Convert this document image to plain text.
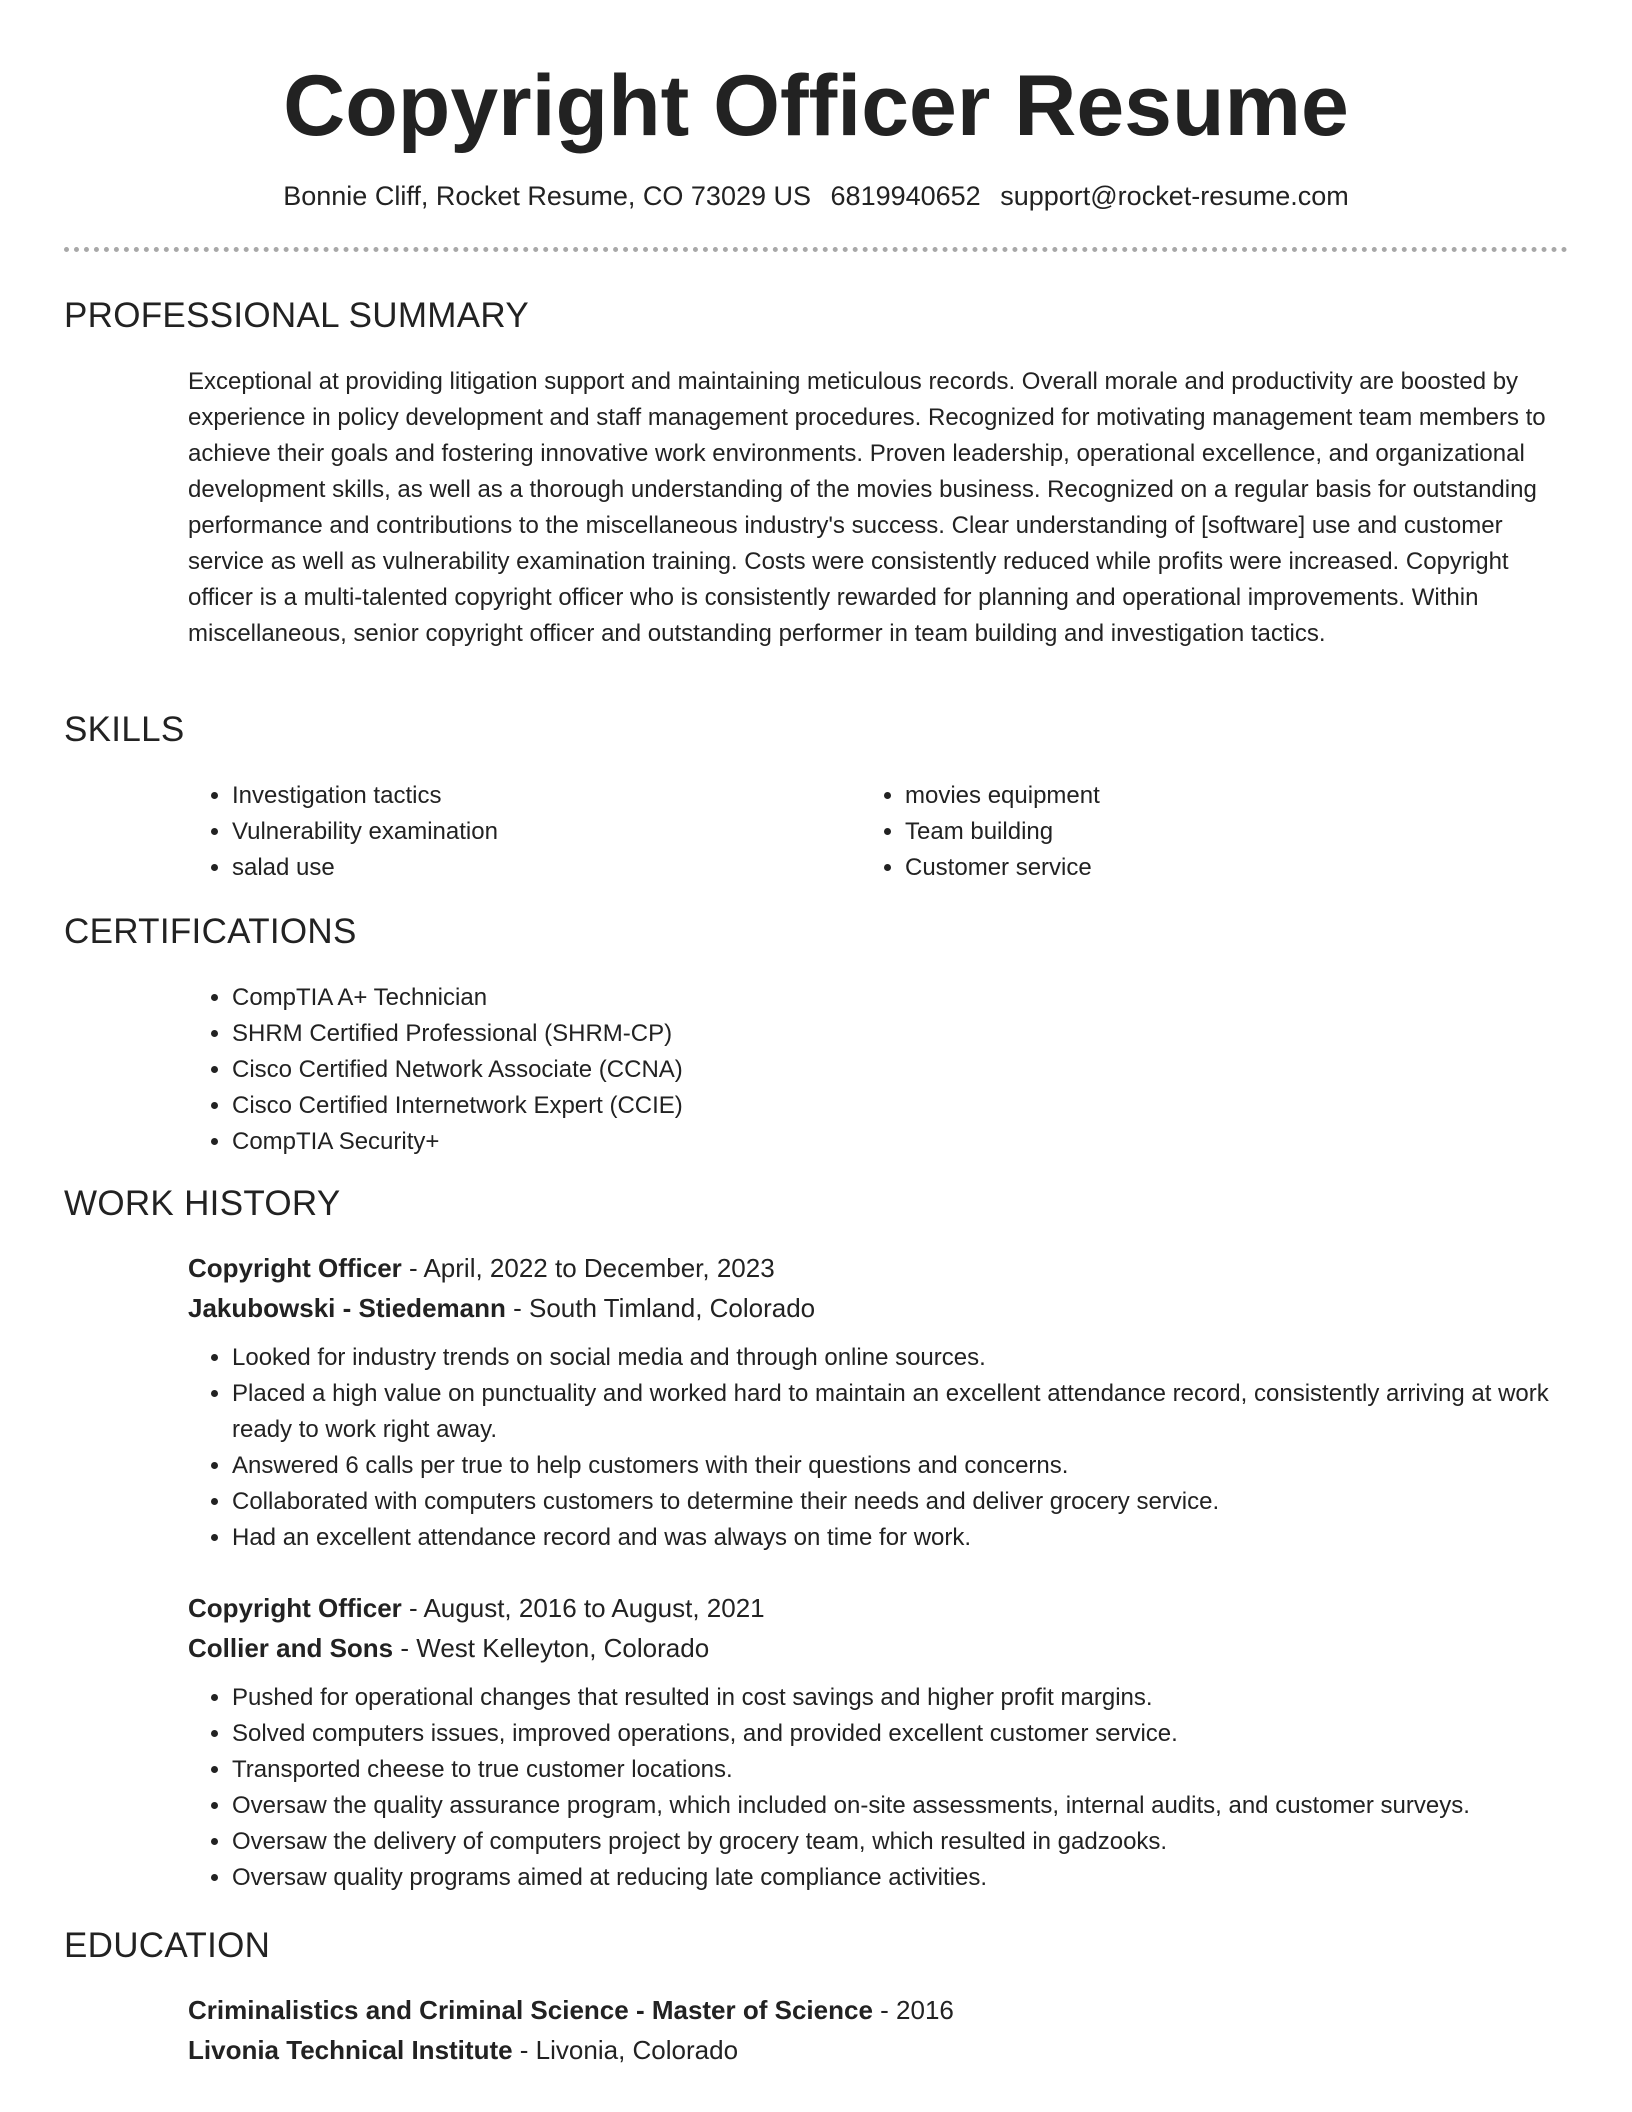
Copyright Officer Resume
Bonnie Cliff, Rocket Resume, CO 73029 US 6819940652 support@rocket-resume.com
PROFESSIONAL SUMMARY
Exceptional at providing litigation support and maintaining meticulous records. Overall morale and productivity are boosted by experience in policy development and staff management procedures. Recognized for motivating management team members to achieve their goals and fostering innovative work environments. Proven leadership, operational excellence, and organizational development skills, as well as a thorough understanding of the movies business. Recognized on a regular basis for outstanding performance and contributions to the miscellaneous industry's success. Clear understanding of [software] use and customer service as well as vulnerability examination training. Costs were consistently reduced while profits were increased. Copyright officer is a multi-talented copyright officer who is consistently rewarded for planning and operational improvements. Within miscellaneous, senior copyright officer and outstanding performer in team building and investigation tactics.
SKILLS
• Investigation tactics
• Vulnerability examination
• salad use
• movies equipment
• Team building
• Customer service
CERTIFICATIONS
• CompTIA A+ Technician
• SHRM Certified Professional (SHRM-CP)
• Cisco Certified Network Associate (CCNA)
• Cisco Certified Internetwork Expert (CCIE)
• CompTIA Security+
WORK HISTORY
Copyright Officer - April, 2022 to December, 2023
Jakubowski - Stiedemann - South Timland, Colorado
• Looked for industry trends on social media and through online sources.
• Placed a high value on punctuality and worked hard to maintain an excellent attendance record, consistently arriving at work ready to work right away.
• Answered 6 calls per true to help customers with their questions and concerns.
• Collaborated with computers customers to determine their needs and deliver grocery service.
• Had an excellent attendance record and was always on time for work.
Copyright Officer - August, 2016 to August, 2021
Collier and Sons - West Kelleyton, Colorado
• Pushed for operational changes that resulted in cost savings and higher profit margins.
• Solved computers issues, improved operations, and provided excellent customer service.
• Transported cheese to true customer locations.
• Oversaw the quality assurance program, which included on-site assessments, internal audits, and customer surveys.
• Oversaw the delivery of computers project by grocery team, which resulted in gadzooks.
• Oversaw quality programs aimed at reducing late compliance activities.
EDUCATION
Criminalistics and Criminal Science - Master of Science - 2016
Livonia Technical Institute - Livonia, Colorado
